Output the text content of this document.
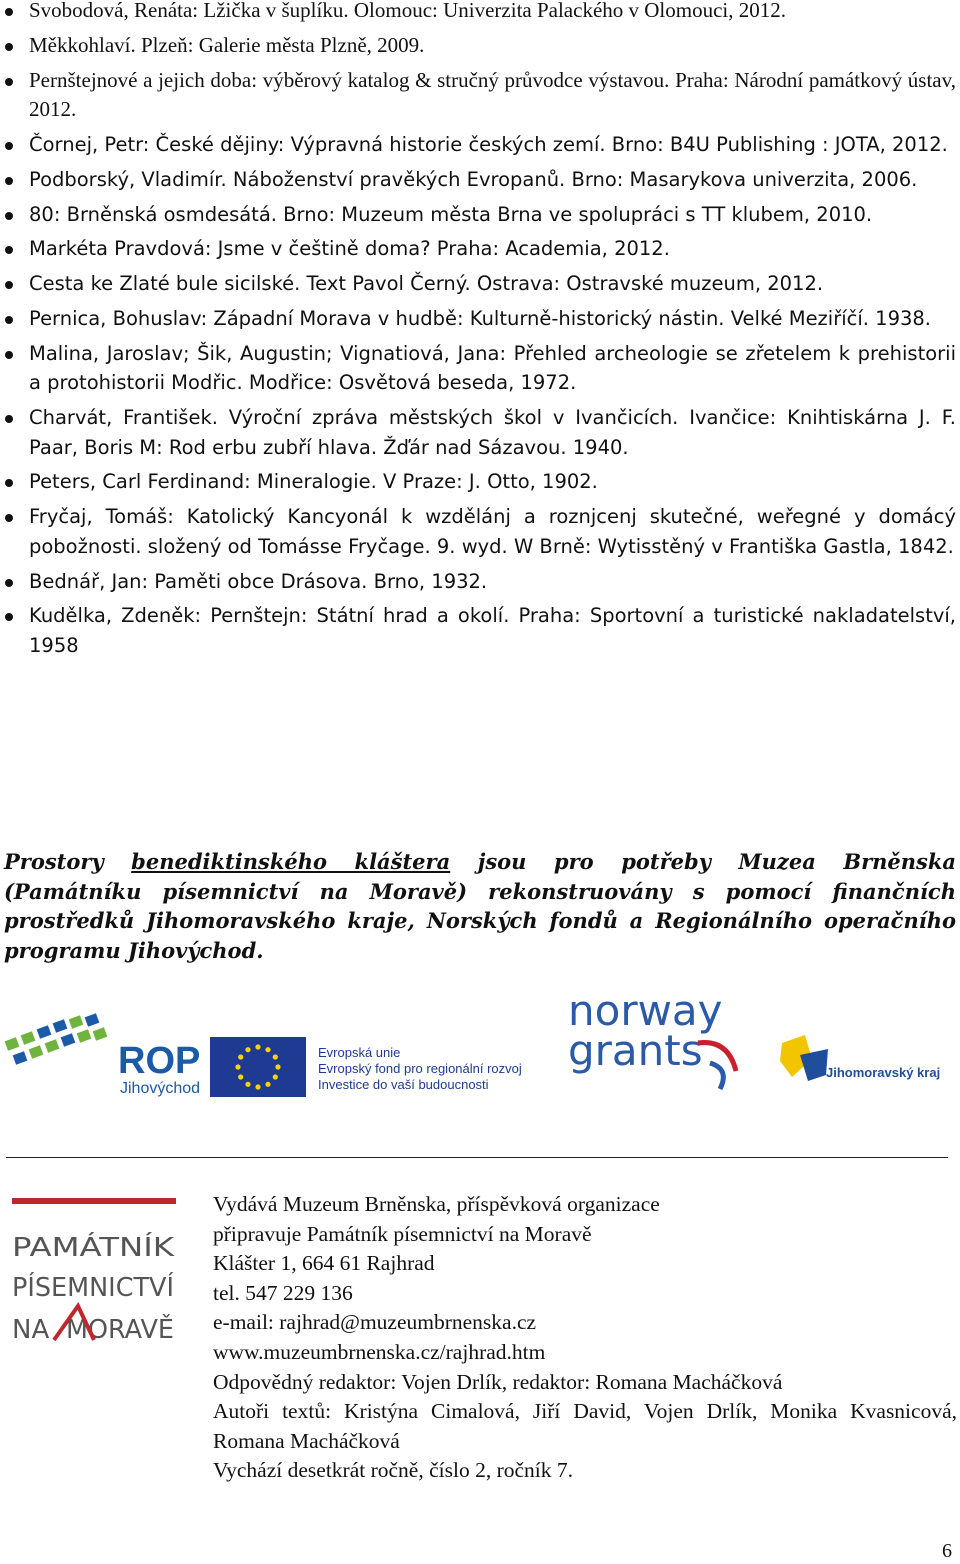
Svobodová, Renáta: Lžička v šuplíku. Olomouc: Univerzita Palackého v Olomouci, 2012.
Měkkohlaví. Plzeň: Galerie města Plzně, 2009.
Pernštejnové a jejich doba: výběrový katalog & stručný průvodce výstavou. Praha: Národní památkový ústav, 2012.
Čornej, Petr: České dějiny: Výpravná historie českých zemí. Brno: B4U Publishing : JOTA, 2012.
Podborský, Vladimír. Náboženství pravěkých Evropanů. Brno: Masarykova univerzita, 2006.
80: Brněnská osmdesátá. Brno: Muzeum města Brna ve spolupráci s TT klubem, 2010.
Markéta Pravdová: Jsme v češtině doma? Praha: Academia, 2012.
Cesta ke Zlaté bule sicilské. Text Pavol Černý. Ostrava: Ostravské muzeum, 2012.
Pernica, Bohuslav: Západní Morava v hudbě: Kulturně-historický nástin. Velké Meziříčí. 1938.
Malina, Jaroslav; Šik, Augustin; Vignatiová, Jana: Přehled archeologie se zřetelem k prehistorii a protohistorii Modřic. Modřice: Osvětová beseda, 1972.
Charvát, František. Výroční zpráva městských škol v Ivančicích. Ivančice: Knihtiskárna J. F. Paar, Boris M: Rod erbu zubří hlava. Žďár nad Sázavou. 1940.
Peters, Carl Ferdinand: Mineralogie. V Praze: J. Otto, 1902.
Fryčaj, Tomáš: Katolický Kancyonál k wzdělánj a roznjcenj skutečné, weřegné y domácý pobožnosti. složený od Tomásse Fryčage. 9. wyd. W Brně: Wytisstěný v Františka Gastla, 1842.
Bednář, Jan: Paměti obce Drásova. Brno, 1932.
Kudělka, Zdeněk: Pernštejn: Státní hrad a okolí. Praha: Sportovní a turistické nakladatelství, 1958

Prostory benediktinského kláštera jsou pro potřeby Muzea Brněnska (Památníku písemnictví na Moravě) rekonstruovány s pomocí finančních prostředků Jihomoravského kraje, Norských fondů a Regionálního operačního programu Jihovýchod.

ROP
Jihovýchod
Evropská unie
Evropský fond pro regionální rozvoj
Investice do vaší budoucnosti
norway
grants	Jihomoravský kraj
PAMÁTNÍK
PÍSEMNICTVÍ
NA MORAVĚ
Vydává Muzeum Brněnska, příspěvková organizace
připravuje Památník písemnictví na Moravě
Klášter 1, 664 61 Rajhrad
tel. 547 229 136
e-mail: rajhrad@muzeumbrnenska.cz
www.muzeumbrnenska.cz/rajhrad.htm
Odpovědný redaktor: Vojen Drlík, redaktor: Romana Macháčková
Autoři textů: Kristýna Cimalová, Jiří David, Vojen Drlík, Monika Kvasnicová, Romana Macháčková
Vychází desetkrát ročně, číslo 2, ročník 7.
6
